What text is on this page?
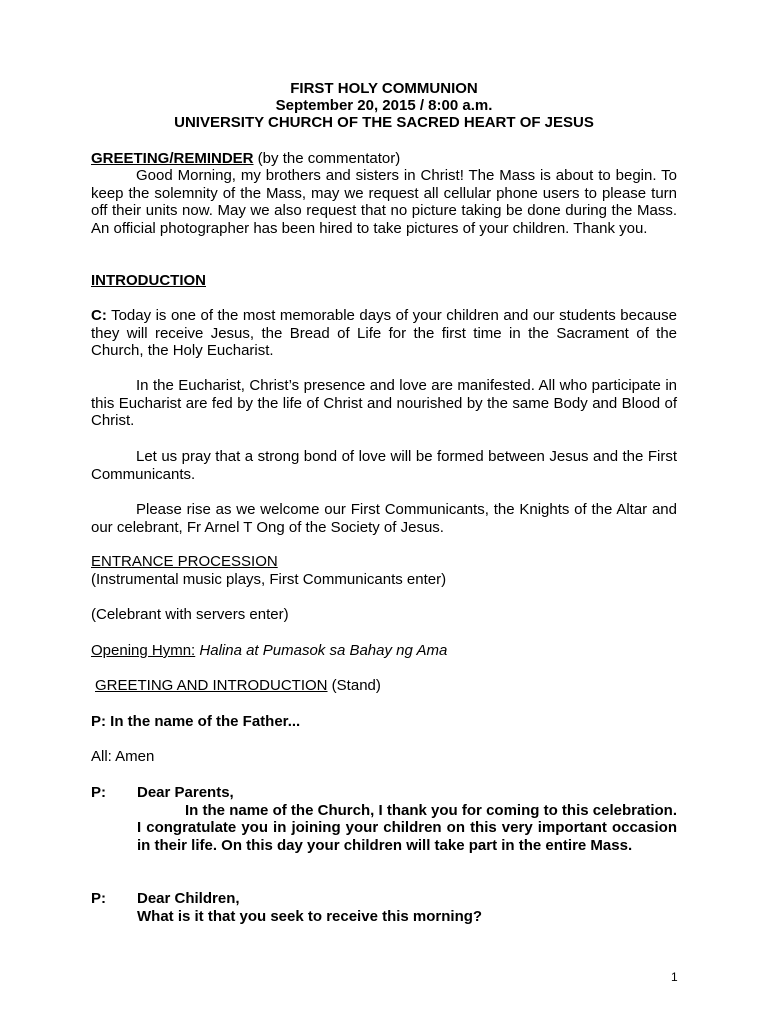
FIRST HOLY COMMUNION
September 20, 2015 / 8:00 a.m.
UNIVERSITY CHURCH OF THE SACRED HEART OF JESUS
GREETING/REMINDER (by the commentator)
Good Morning, my brothers and sisters in Christ! The Mass is about to begin. To keep the solemnity of the Mass, may we request all cellular phone users to please turn off their units now. May we also request that no picture taking be done during the Mass. An official photographer has been hired to take pictures of your children. Thank you.
INTRODUCTION
C: Today is one of the most memorable days of your children and our students because they will receive Jesus, the Bread of Life for the first time in the Sacrament of the Church, the Holy Eucharist.
In the Eucharist, Christ’s presence and love are manifested. All who participate in this Eucharist are fed by the life of Christ and nourished by the same Body and Blood of Christ.
Let us pray that a strong bond of love will be formed between Jesus and the First Communicants.
Please rise as we welcome our First Communicants, the Knights of the Altar and our celebrant, Fr Arnel T Ong of the Society of Jesus.
ENTRANCE PROCESSION
(Instrumental music plays, First Communicants enter)
(Celebrant with servers enter)
Opening Hymn: Halina at Pumasok sa Bahay ng Ama
GREETING AND INTRODUCTION (Stand)
P: In the name of the Father...
All: Amen
P: Dear Parents,
In the name of the Church, I thank you for coming to this celebration. I congratulate you in joining your children on this very important occasion in their life. On this day your children will take part in the entire Mass.
P: Dear Children,
What is it that you seek to receive this morning?
1
